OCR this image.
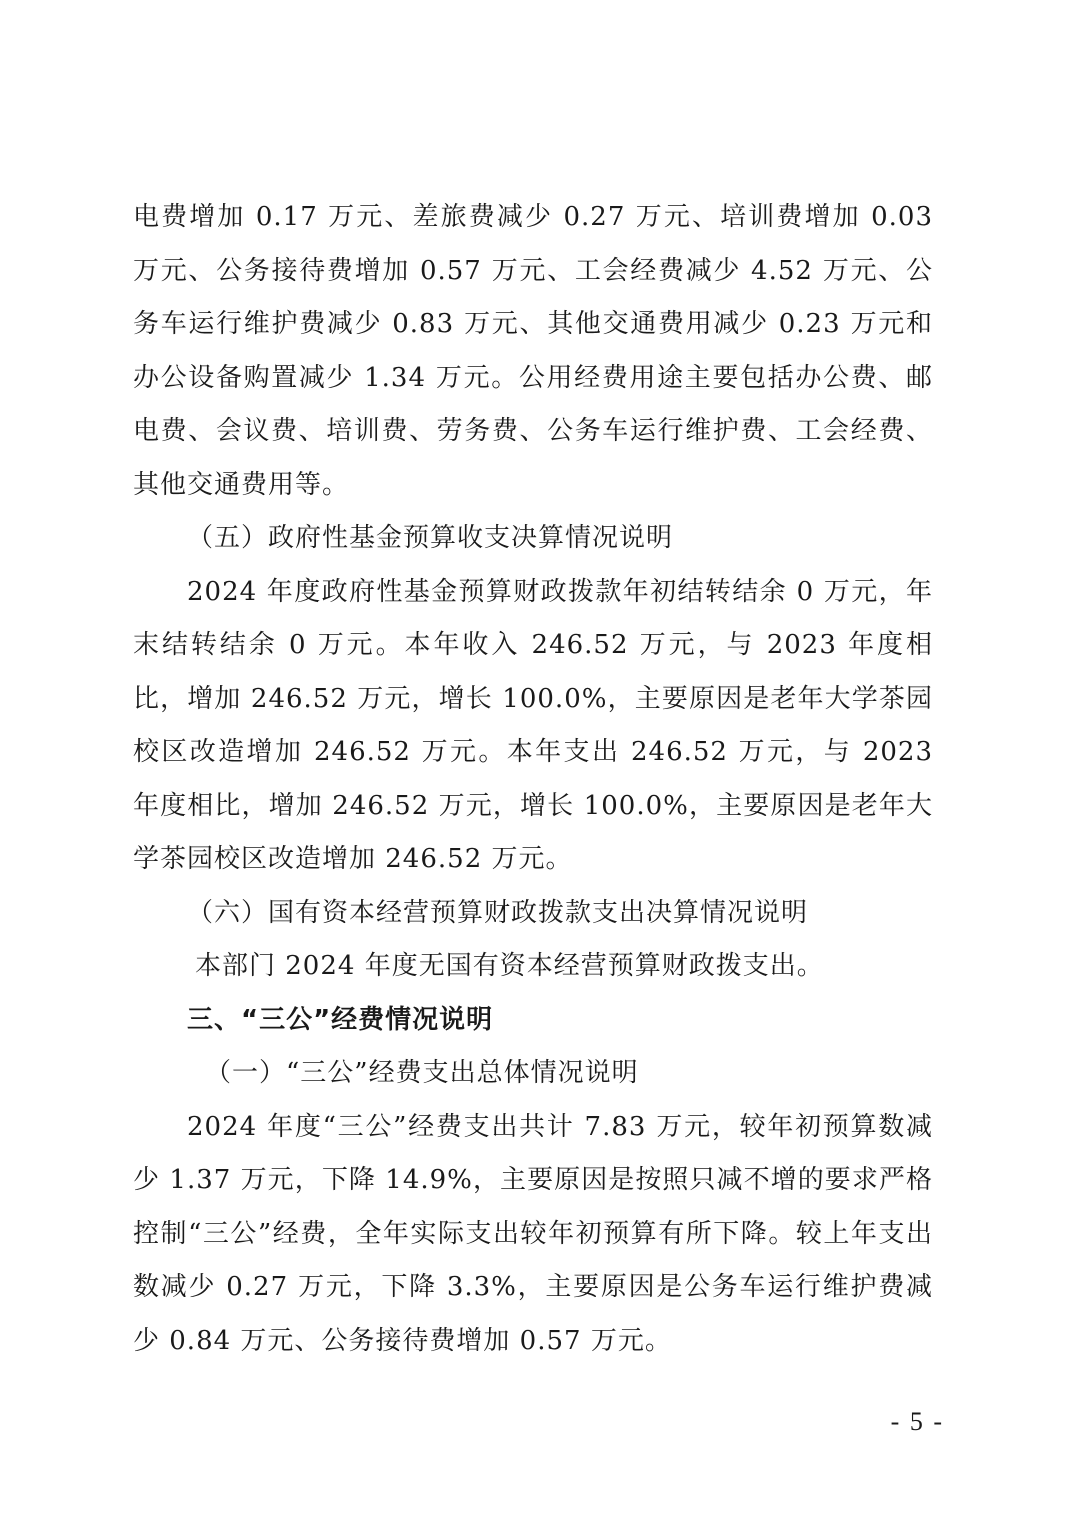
电费增加 0.17 万元、差旅费减少 0.27 万元、培训费增加 0.03 万元、公务接待费增加 0.57 万元、工会经费减少 4.52 万元、公务车运行维护费减少 0.83 万元、其他交通费用减少 0.23 万元和办公设备购置减少 1.34 万元。公用经费用途主要包括办公费、邮电费、会议费、培训费、劳务费、公务车运行维护费、工会经费、其他交通费用等。

（五）政府性基金预算收支决算情况说明

2024 年度政府性基金预算财政拨款年初结转结余 0 万元，年末结转结余 0 万元。本年收入 246.52 万元，与 2023 年度相比，增加 246.52 万元，增长 100.0%，主要原因是老年大学茶园校区改造增加 246.52 万元。本年支出 246.52 万元，与 2023 年度相比，增加 246.52 万元，增长 100.0%，主要原因是老年大学茶园校区改造增加 246.52 万元。

（六）国有资本经营预算财政拨款支出决算情况说明

本部门 2024 年度无国有资本经营预算财政拨支出。

三、“三公”经费情况说明

（一）“三公”经费支出总体情况说明

2024 年度“三公”经费支出共计 7.83 万元，较年初预算数减少 1.37 万元，下降 14.9%，主要原因是按照只减不增的要求严格控制“三公”经费，全年实际支出较年初预算有所下降。较上年支出数减少 0.27 万元，下降 3.3%，主要原因是公务车运行维护费减少 0.84 万元、公务接待费增加 0.57 万元。

- 5 -
